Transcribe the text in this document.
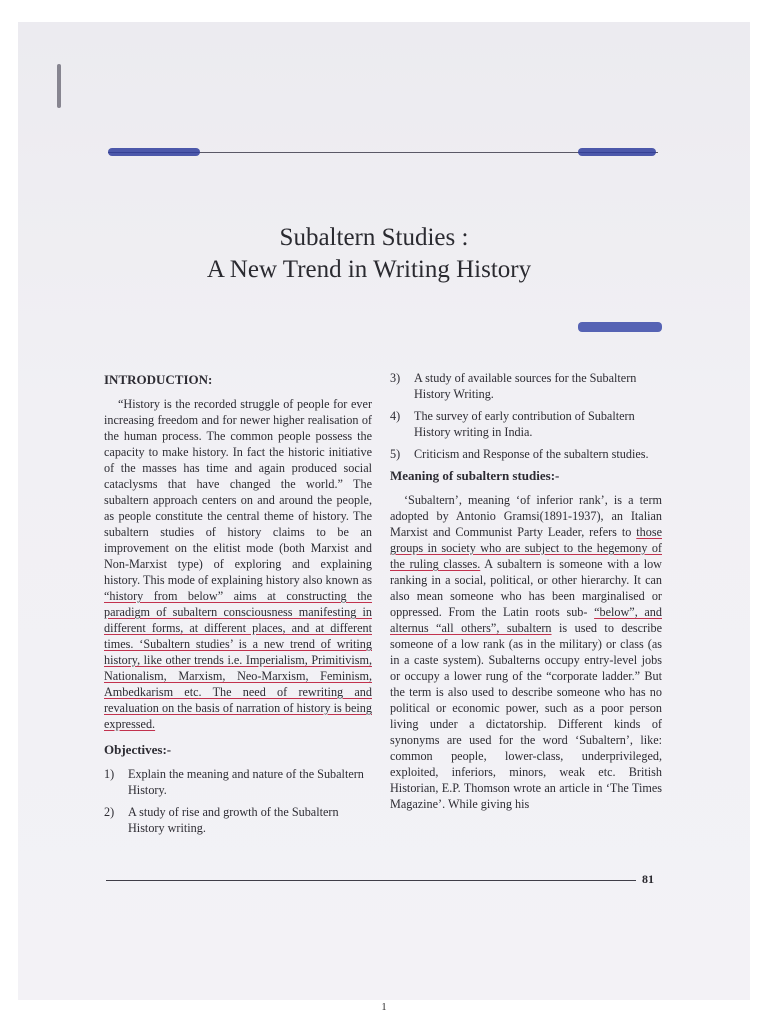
Subaltern Studies :
A New Trend in Writing History
INTRODUCTION:

“History is the recorded struggle of people for ever increasing freedom and for newer higher realisation of the human process. The common people possess the capacity to make history. In fact the historic initiative of the masses has time and again produced social cataclysms that have changed the world.” The subaltern approach centers on and around the people, as people constitute the central theme of history. The subaltern studies of history claims to be an improvement on the elitist mode (both Marxist and Non-Marxist type) of exploring and explaining history. This mode of explaining history also known as “history from below” aims at constructing the paradigm of subaltern consciousness manifesting in different forms, at different places, and at different times. ‘Subaltern studies’ is a new trend of writing history, like other trends i.e. Imperialism, Primitivism, Nationalism, Marxism, Neo-Marxism, Feminism, Ambedkarism etc. The need of rewriting and revaluation on the basis of narration of history is being expressed.

Objectives:-
1)	Explain the meaning and nature of the Subaltern History.
2)	A study of rise and growth of the Subaltern History writing.
3)	A study of available sources for the Subaltern History Writing.
4)	The survey of early contribution of Subaltern History writing in India.
5)	Criticism and Response of the subaltern studies.
Meaning of subaltern studies:-

‘Subaltern’, meaning ‘of inferior rank’, is a term adopted by Antonio Gramsi(1891-1937), an Italian Marxist and Communist Party Leader, refers to those groups in society who are subject to the hegemony of the ruling classes. A subaltern is someone with a low ranking in a social, political, or other hierarchy. It can also mean someone who has been marginalised or oppressed. From the Latin roots sub- “below”, and alternus “all others”, subaltern is used to describe someone of a low rank (as in the military) or class (as in a caste system). Subalterns occupy entry-level jobs or occupy a lower rung of the “corporate ladder.” But the term is also used to describe someone who has no political or economic power, such as a poor person living under a dictatorship. Different kinds of synonyms are used for the word ‘Subaltern’, like: common people, lower-class, underprivileged, exploited, inferiors, minors, weak etc. British Historian, E.P. Thomson wrote an article in ‘The Times Magazine’. While giving his

81
1
